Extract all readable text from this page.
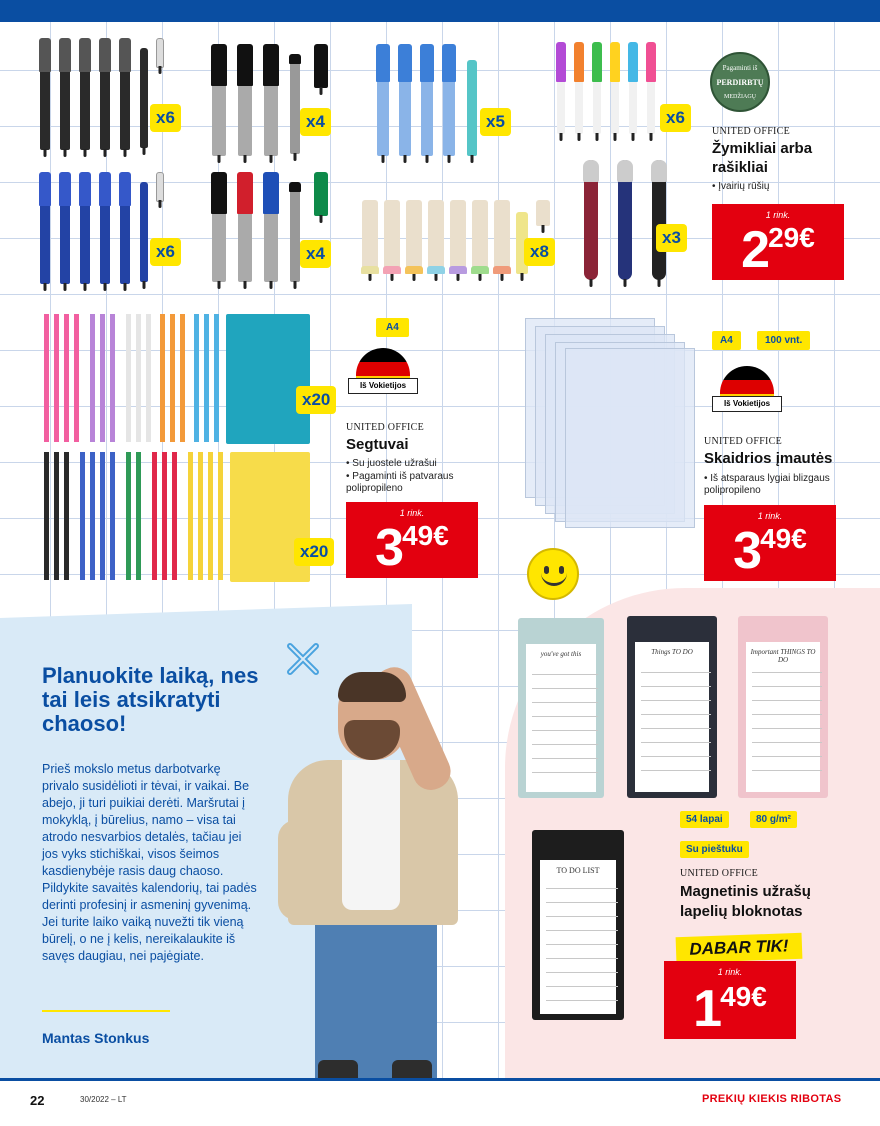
x6
x6
x4
x4
x5
x8
x6
x3
Pagaminti iš
PERDIRBTŲ
MEDŽIAGŲ
UNITED OFFICE
Žymikliai arba
rašikliai
• Įvairių rūšių
1 rink.
$2^{29€}$
x20
x20
A4
Iš Vokietijos
UNITED OFFICE
Segtuvai
• Su juostele užrašui
• Pagaminti iš patvaraus
polipropileno
1 rink.
$3^{49€}$
A4	100 vnt.
Iš Vokietijos
UNITED OFFICE
Skaidrios įmautės
• Iš atsparaus lygiai blizgaus
polipropileno
1 rink.
$3^{49€}$
you've got this	Things TO DO	Important THINGS TO DO
TO DO LIST
54 lapai	80 g/m²
Su pieštuku
UNITED OFFICE
Magnetinis užrašų
lapelių bloknotas
DABAR TIK!
1 rink.
$1^{49€}$
Planuokite laiką, nes tai leis atsikratyti chaoso!
Prieš mokslo metus darbotvarkę privalo susidėlioti ir tėvai, ir vaikai. Be abejo, ji turi puikiai derėti. Maršrutai į mokyklą, į būrelius, namo – visa tai atrodo nesvarbios detalės, tačiau jei jos vyks stichiškai, visos šeimos kasdienybėje rasis daug chaoso. Pildykite savaitės kalendorių, tai padės derinti profesinį ir asmeninį gyvenimą. Jei turite laiko vaiką nuvežti tik vieną būrelį, o ne į kelis, nereikalaukite iš savęs daugiau, nei pajėgiate.
Mantas Stonkus
22	30/2022 – LT	PREKIŲ KIEKIS RIBOTAS
